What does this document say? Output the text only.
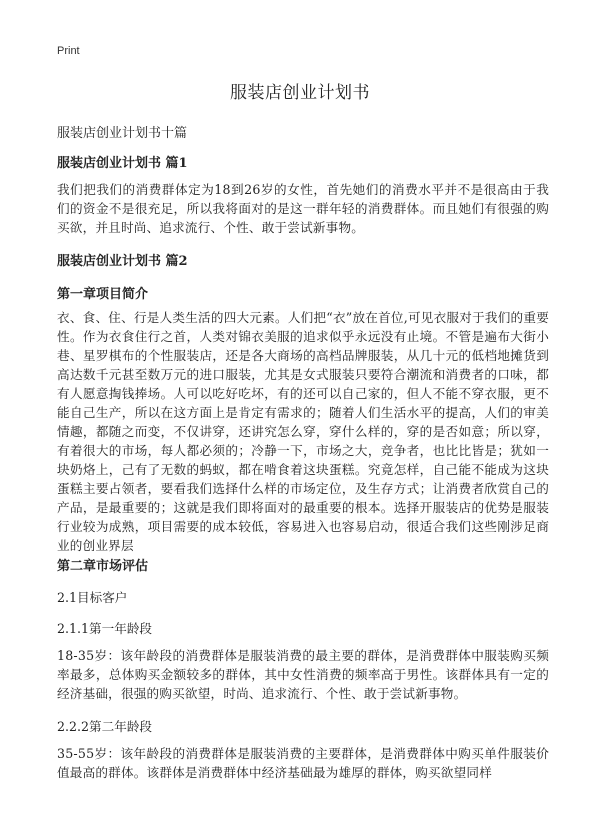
Print
服装店创业计划书

服装店创业计划书十篇

服装店创业计划书 篇1

我们把我们的消费群体定为18到26岁的女性，首先她们的消费水平并不是很高由于我们的资金不是很充足，所以我将面对的是这一群年轻的消费群体。而且她们有很强的购买欲，并且时尚、追求流行、个性、敢于尝试新事物。

服装店创业计划书 篇2

第一章项目简介

衣、食、住、行是人类生活的四大元素。人们把“衣”放在首位,可见衣服对于我们的重要性。作为衣食住行之首，人类对锦衣美服的追求似乎永远没有止境。不管是遍布大街小巷、星罗棋布的个性服装店，还是各大商场的高档品牌服装，从几十元的低档地摊货到高达数千元甚至数万元的进口服装，尤其是女式服装只要符合潮流和消费者的口味，都有人愿意掏钱捧场。人可以吃好吃坏，有的还可以自己家的，但人不能不穿衣服，更不能自己生产，所以在这方面上是肯定有需求的；随着人们生活水平的提高，人们的审美情趣，都随之而变，不仅讲穿，还讲究怎么穿，穿什么样的，穿的是否如意；所以穿，有着很大的市场，每人都必须的；冷静一下，市场之大，竞争者，也比比皆是；犹如一块奶烙上，己有了无数的蚂蚁，都在啃食着这块蛋糕。究竟怎样，自己能不能成为这块蛋糕主要占领者，要看我们选择什么样的市场定位，及生存方式；让消费者欣赏自己的产品，是最重要的；这就是我们即将面对的最重要的根本。选择开服装店的优势是服装行业较为成熟，项目需要的成本较低，容易进入也容易启动，很适合我们这些刚涉足商业的创业界层

第二章市场评估

2.1目标客户

2.1.1第一年龄段

18-35岁：该年龄段的消费群体是服装消费的最主要的群体，是消费群体中服装购买频率最多，总体购买金额较多的群体，其中女性消费的频率高于男性。该群体具有一定的经济基础，很强的购买欲望，时尚、追求流行、个性、敢于尝试新事物。

2.2.2第二年龄段

35-55岁：该年龄段的消费群体是服装消费的主要群体，是消费群体中购买单件服装价值最高的群体。该群体是消费群体中经济基础最为雄厚的群体，购买欲望同样
